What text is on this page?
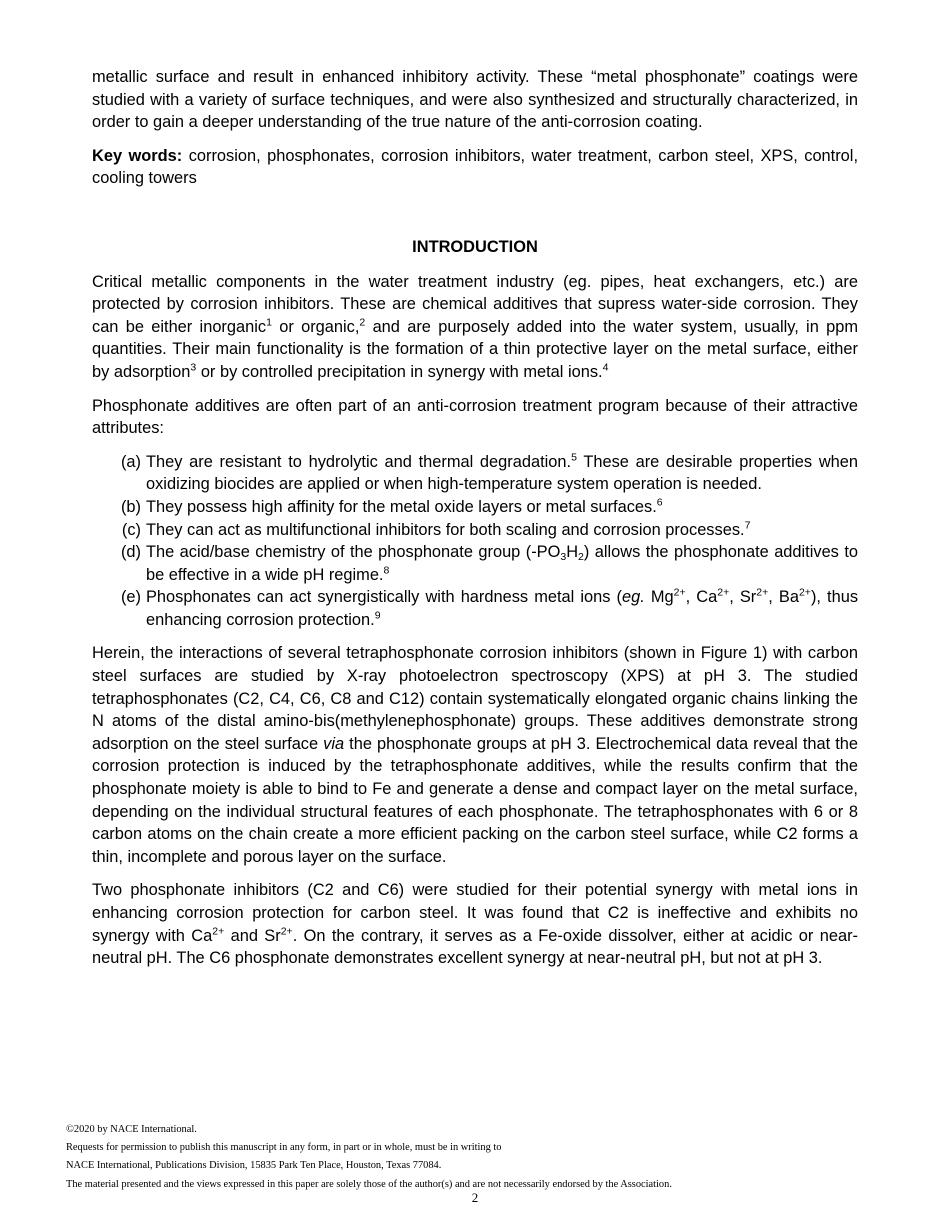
metallic surface and result in enhanced inhibitory activity. These “metal phosphonate” coatings were studied with a variety of surface techniques, and were also synthesized and structurally characterized, in order to gain a deeper understanding of the true nature of the anti-corrosion coating.

Key words: corrosion, phosphonates, corrosion inhibitors, water treatment, carbon steel, XPS, control, cooling towers

INTRODUCTION

Critical metallic components in the water treatment industry (eg. pipes, heat exchangers, etc.) are protected by corrosion inhibitors. These are chemical additives that supress water-side corrosion. They can be either inorganic$^1$ or organic,$^2$ and are purposely added into the water system, usually, in ppm quantities. Their main functionality is the formation of a thin protective layer on the metal surface, either by adsorption$^3$ or by controlled precipitation in synergy with metal ions.$^4$

Phosphonate additives are often part of an anti-corrosion treatment program because of their attractive attributes:

(a) They are resistant to hydrolytic and thermal degradation.$^5$ These are desirable properties when oxidizing biocides are applied or when high-temperature system operation is needed.
(b) They possess high affinity for the metal oxide layers or metal surfaces.$^6$
(c) They can act as multifunctional inhibitors for both scaling and corrosion processes.$^7$
(d) The acid/base chemistry of the phosphonate group $(-PO_3H_2)$ allows the phosphonate additives to be effective in a wide pH regime.$^8$
(e) Phosphonates can act synergistically with hardness metal ions (eg. $Mg^{2+}$, $Ca^{2+}$, $Sr^{2+}$, $Ba^{2+}$), thus enhancing corrosion protection.$^9$

Herein, the interactions of several tetraphosphonate corrosion inhibitors (shown in Figure 1) with carbon steel surfaces are studied by X-ray photoelectron spectroscopy (XPS) at pH 3. The studied tetraphosphonates (C2, C4, C6, C8 and C12) contain systematically elongated organic chains linking the N atoms of the distal amino-bis(methylenephosphonate) groups. These additives demonstrate strong adsorption on the steel surface via the phosphonate groups at pH 3. Electrochemical data reveal that the corrosion protection is induced by the tetraphosphonate additives, while the results confirm that the phosphonate moiety is able to bind to Fe and generate a dense and compact layer on the metal surface, depending on the individual structural features of each phosphonate. The tetraphosphonates with 6 or 8 carbon atoms on the chain create a more efficient packing on the carbon steel surface, while C2 forms a thin, incomplete and porous layer on the surface.

Two phosphonate inhibitors (C2 and C6) were studied for their potential synergy with metal ions in enhancing corrosion protection for carbon steel. It was found that C2 is ineffective and exhibits no synergy with $Ca^{2+}$ and $Sr^{2+}$. On the contrary, it serves as a Fe-oxide dissolver, either at acidic or near-neutral pH. The C6 phosphonate demonstrates excellent synergy at near-neutral pH, but not at pH 3.

©2020 by NACE International.
Requests for permission to publish this manuscript in any form, in part or in whole, must be in writing to
NACE International, Publications Division, 15835 Park Ten Place, Houston, Texas 77084.
The material presented and the views expressed in this paper are solely those of the author(s) and are not necessarily endorsed by the Association.
2
